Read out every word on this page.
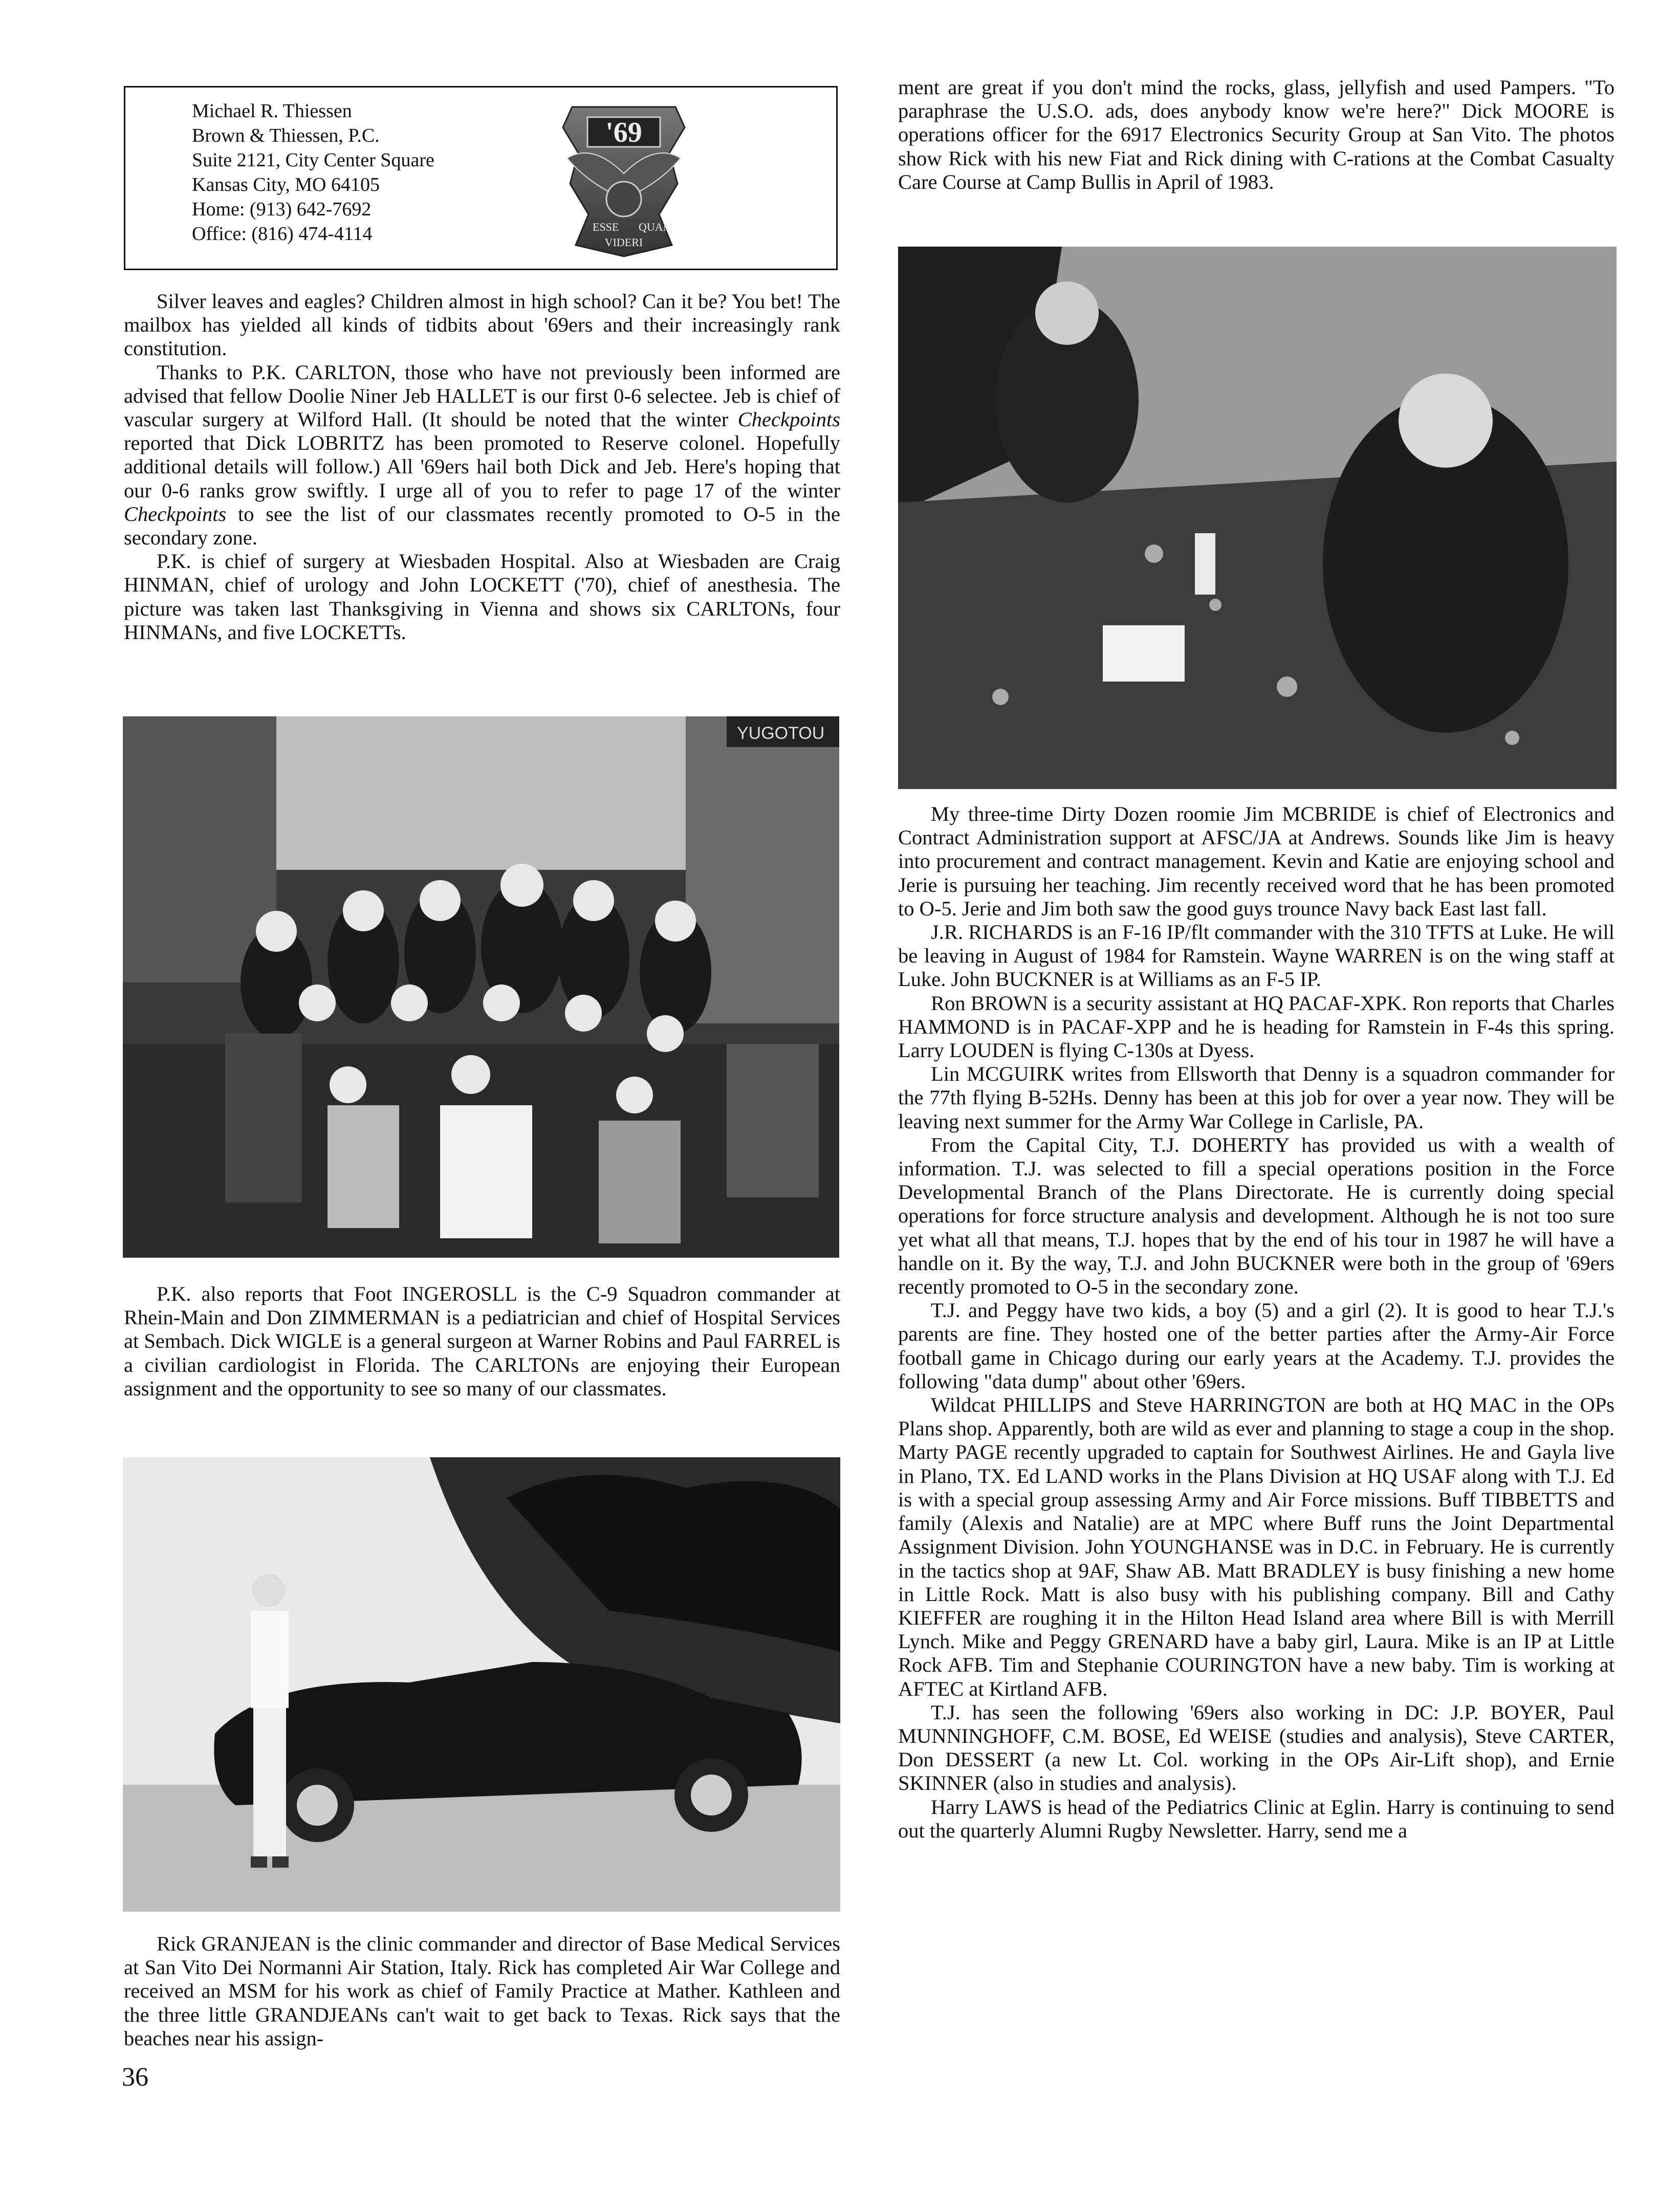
Michael R. Thiessen
Brown & Thiessen, P.C.
Suite 2121, City Center Square
Kansas City, MO 64105
Home: (913) 642-7692
Office: (816) 474-4114
'69
ESSE QUAM
VIDERI

Silver leaves and eagles? Children almost in high school? Can it be? You bet! The mailbox has yielded all kinds of tidbits about '69ers and their increasingly rank constitution.

Thanks to P.K. CARLTON, those who have not previously been informed are advised that fellow Doolie Niner Jeb HALLET is our first 0-6 selectee. Jeb is chief of vascular surgery at Wilford Hall. (It should be noted that the winter Checkpoints reported that Dick LOBRITZ has been promoted to Reserve colonel. Hopefully additional details will follow.) All '69ers hail both Dick and Jeb. Here's hoping that our 0-6 ranks grow swiftly. I urge all of you to refer to page 17 of the winter Checkpoints to see the list of our classmates recently promoted to O-5 in the secondary zone.

P.K. is chief of surgery at Wiesbaden Hospital. Also at Wiesbaden are Craig HINMAN, chief of urology and John LOCKETT ('70), chief of anesthesia. The picture was taken last Thanksgiving in Vienna and shows six CARLTONs, four HINMANs, and five LOCKETTs.

YUGOTOU

P.K. also reports that Foot INGEROSLL is the C-9 Squadron commander at Rhein-Main and Don ZIMMERMAN is a pediatrician and chief of Hospital Services at Sembach. Dick WIGLE is a general surgeon at Warner Robins and Paul FARREL is a civilian cardiologist in Florida. The CARLTONs are enjoying their European assignment and the opportunity to see so many of our classmates.

Rick GRANJEAN is the clinic commander and director of Base Medical Services at San Vito Dei Normanni Air Station, Italy. Rick has completed Air War College and received an MSM for his work as chief of Family Practice at Mather. Kathleen and the three little GRANDJEANs can't wait to get back to Texas. Rick says that the beaches near his assign-

ment are great if you don't mind the rocks, glass, jellyfish and used Pampers. "To paraphrase the U.S.O. ads, does anybody know we're here?" Dick MOORE is operations officer for the 6917 Electronics Security Group at San Vito. The photos show Rick with his new Fiat and Rick dining with C-rations at the Combat Casualty Care Course at Camp Bullis in April of 1983.

My three-time Dirty Dozen roomie Jim MCBRIDE is chief of Electronics and Contract Administration support at AFSC/JA at Andrews. Sounds like Jim is heavy into procurement and contract management. Kevin and Katie are enjoying school and Jerie is pursuing her teaching. Jim recently received word that he has been promoted to O-5. Jerie and Jim both saw the good guys trounce Navy back East last fall.

J.R. RICHARDS is an F-16 IP/flt commander with the 310 TFTS at Luke. He will be leaving in August of 1984 for Ramstein. Wayne WARREN is on the wing staff at Luke. John BUCKNER is at Williams as an F-5 IP.

Ron BROWN is a security assistant at HQ PACAF-XPK. Ron reports that Charles HAMMOND is in PACAF-XPP and he is heading for Ramstein in F-4s this spring. Larry LOUDEN is flying C-130s at Dyess.

Lin MCGUIRK writes from Ellsworth that Denny is a squadron commander for the 77th flying B-52Hs. Denny has been at this job for over a year now. They will be leaving next summer for the Army War College in Carlisle, PA.

From the Capital City, T.J. DOHERTY has provided us with a wealth of information. T.J. was selected to fill a special operations position in the Force Developmental Branch of the Plans Directorate. He is currently doing special operations for force structure analysis and development. Although he is not too sure yet what all that means, T.J. hopes that by the end of his tour in 1987 he will have a handle on it. By the way, T.J. and John BUCKNER were both in the group of '69ers recently promoted to O-5 in the secondary zone.

T.J. and Peggy have two kids, a boy (5) and a girl (2). It is good to hear T.J.'s parents are fine. They hosted one of the better parties after the Army-Air Force football game in Chicago during our early years at the Academy. T.J. provides the following "data dump" about other '69ers.

Wildcat PHILLIPS and Steve HARRINGTON are both at HQ MAC in the OPs Plans shop. Apparently, both are wild as ever and planning to stage a coup in the shop. Marty PAGE recently upgraded to captain for Southwest Airlines. He and Gayla live in Plano, TX. Ed LAND works in the Plans Division at HQ USAF along with T.J. Ed is with a special group assessing Army and Air Force missions. Buff TIBBETTS and family (Alexis and Natalie) are at MPC where Buff runs the Joint Departmental Assignment Division. John YOUNGHANSE was in D.C. in February. He is currently in the tactics shop at 9AF, Shaw AB. Matt BRADLEY is busy finishing a new home in Little Rock. Matt is also busy with his publishing company. Bill and Cathy KIEFFER are roughing it in the Hilton Head Island area where Bill is with Merrill Lynch. Mike and Peggy GRENARD have a baby girl, Laura. Mike is an IP at Little Rock AFB. Tim and Stephanie COURINGTON have a new baby. Tim is working at AFTEC at Kirtland AFB.

T.J. has seen the following '69ers also working in DC: J.P. BOYER, Paul MUNNINGHOFF, C.M. BOSE, Ed WEISE (studies and analysis), Steve CARTER, Don DESSERT (a new Lt. Col. working in the OPs Air-Lift shop), and Ernie SKINNER (also in studies and analysis).

Harry LAWS is head of the Pediatrics Clinic at Eglin. Harry is continuing to send out the quarterly Alumni Rugby Newsletter. Harry, send me a

36
